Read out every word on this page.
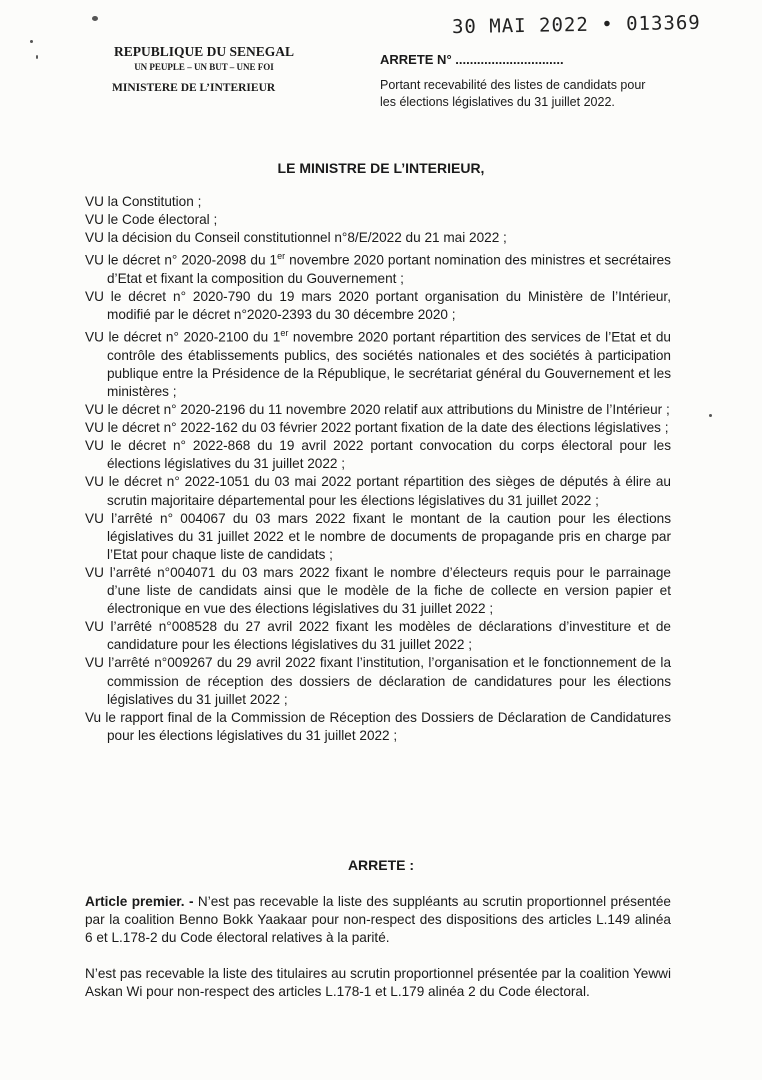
30 MAI 2022 • 013369
REPUBLIQUE DU SENEGAL
UN PEUPLE – UN BUT – UNE FOI
MINISTERE DE L’INTERIEUR
ARRETE N° ..............................
Portant recevabilité des listes de candidats pour
les élections législatives du 31 juillet 2022.
LE MINISTRE DE L’INTERIEUR,
VU la Constitution ;
VU le Code électoral ;
VU la décision du Conseil constitutionnel n°8/E/2022 du 21 mai 2022 ;
VU le décret n° 2020-2098 du 1er novembre 2020 portant nomination des ministres et secrétaires d’Etat et fixant la composition du Gouvernement ;
VU le décret n° 2020-790 du 19 mars 2020 portant organisation du Ministère de l’Intérieur, modifié par le décret n°2020-2393 du 30 décembre 2020 ;
VU le décret n° 2020-2100 du 1er novembre 2020 portant répartition des services de l’Etat et du contrôle des établissements publics, des sociétés nationales et des sociétés à participation publique entre la Présidence de la République, le secrétariat général du Gouvernement et les ministères ;
VU le décret n° 2020-2196 du 11 novembre 2020 relatif aux attributions du Ministre de l’Intérieur ;
VU le décret n° 2022-162 du 03 février 2022 portant fixation de la date des élections législatives ;
VU le décret n° 2022-868 du 19 avril 2022 portant convocation du corps électoral pour les élections législatives du 31 juillet 2022 ;
VU le décret n° 2022-1051 du 03 mai 2022 portant répartition des sièges de députés à élire au scrutin majoritaire départemental pour les élections législatives du 31 juillet 2022 ;
VU l’arrêté n° 004067 du 03 mars 2022 fixant le montant de la caution pour les élections législatives du 31 juillet 2022 et le nombre de documents de propagande pris en charge par l’Etat pour chaque liste de candidats ;
VU l’arrêté n°004071 du 03 mars 2022 fixant le nombre d’électeurs requis pour le parrainage d’une liste de candidats ainsi que le modèle de la fiche de collecte en version papier et électronique en vue des élections législatives du 31 juillet 2022 ;
VU l’arrêté n°008528 du 27 avril 2022 fixant les modèles de déclarations d’investiture et de candidature pour les élections législatives du 31 juillet 2022 ;
VU l’arrêté n°009267 du 29 avril 2022 fixant l’institution, l’organisation et le fonctionnement de la commission de réception des dossiers de déclaration de candidatures pour les élections législatives du 31 juillet 2022 ;
Vu le rapport final de la Commission de Réception des Dossiers de Déclaration de Candidatures pour les élections législatives du 31 juillet 2022 ;
ARRETE :
Article premier. - N’est pas recevable la liste des suppléants au scrutin proportionnel présentée par la coalition Benno Bokk Yaakaar pour non-respect des dispositions des articles L.149 alinéa 6 et L.178-2 du Code électoral relatives à la parité.
N’est pas recevable la liste des titulaires au scrutin proportionnel présentée par la coalition Yewwi Askan Wi pour non-respect des articles L.178-1 et L.179 alinéa 2 du Code électoral.
